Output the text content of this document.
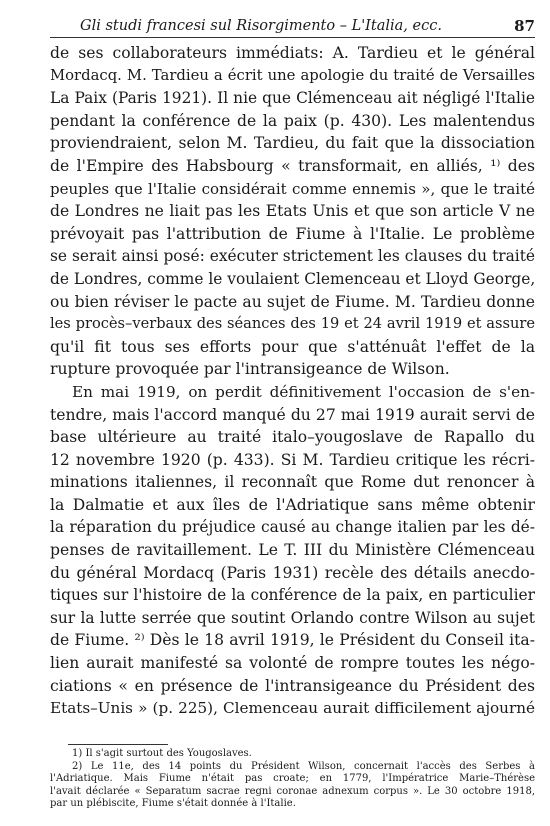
Gli studi francesi sul Risorgimento – L'Italia, ecc.	87
de ses collaborateurs immédiats: A. Tardieu et le général
Mordacq. M. Tardieu a écrit une apologie du traité de Versailles
La Paix (Paris 1921). Il nie que Clémenceau ait négligé l'Italie
pendant la conférence de la paix (p. 430). Les malentendus
proviendraient, selon M. Tardieu, du fait que la dissociation
de l'Empire des Habsbourg « transformait, en alliés, ¹⁾ des
peuples que l'Italie considérait comme ennemis », que le traité
de Londres ne liait pas les Etats Unis et que son article V ne
prévoyait pas l'attribution de Fiume à l'Italie. Le problème
se serait ainsi posé: exécuter strictement les clauses du traité
de Londres, comme le voulaient Clemenceau et Lloyd George,
ou bien réviser le pacte au sujet de Fiume. M. Tardieu donne
les procès–verbaux des séances des 19 et 24 avril 1919 et assure
qu'il fit tous ses efforts pour que s'atténuât l'effet de la
rupture provoquée par l'intransigeance de Wilson.
En mai 1919, on perdit définitivement l'occasion de s'en-
tendre, mais l'accord manqué du 27 mai 1919 aurait servi de
base ultérieure au traité italo–yougoslave de Rapallo du
12 novembre 1920 (p. 433). Si M. Tardieu critique les récri-
minations italiennes, il reconnaît que Rome dut renoncer à
la Dalmatie et aux îles de l'Adriatique sans même obtenir
la réparation du préjudice causé au change italien par les dé-
penses de ravitaillement. Le T. III du Ministère Clémenceau
du général Mordacq (Paris 1931) recèle des détails anecdo-
tiques sur l'histoire de la conférence de la paix, en particulier
sur la lutte serrée que soutint Orlando contre Wilson au sujet
de Fiume. ²⁾ Dès le 18 avril 1919, le Président du Conseil ita-
lien aurait manifesté sa volonté de rompre toutes les négo-
ciations « en présence de l'intransigeance du Président des
Etats–Unis » (p. 225), Clemenceau aurait difficilement ajourné
1) Il s'agit surtout des Yougoslaves.
2) Le 11e, des 14 points du Président Wilson, concernait l'accès des Serbes à
l'Adriatique. Mais Fiume n'était pas croate; en 1779, l'Impératrice Marie–Thérèse
l'avait déclarée « Separatum sacrae regni coronae adnexum corpus ». Le 30 octobre 1918,
par un plébiscite, Fiume s'était donnée à l'Italie.
